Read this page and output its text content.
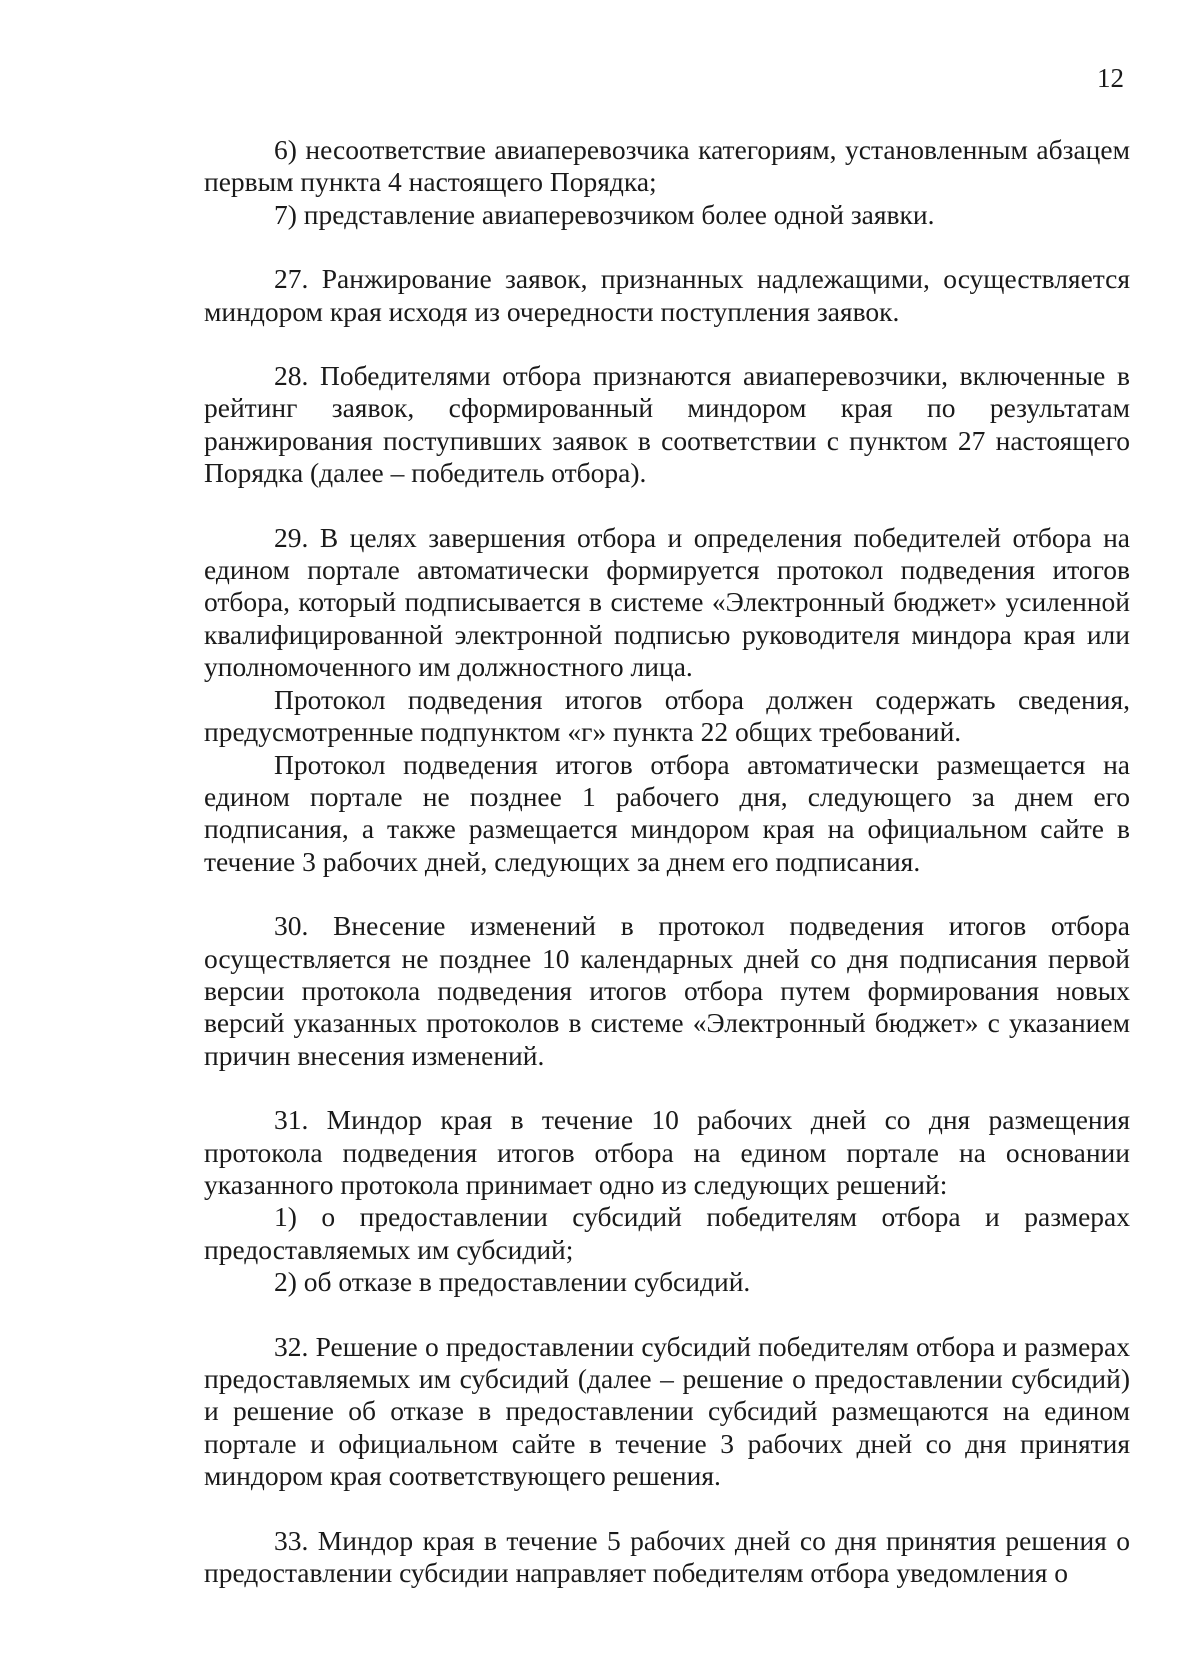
12

6) несоответствие авиаперевозчика категориям, установленным абзацем первым пункта 4 настоящего Порядка;

7) представление авиаперевозчиком более одной заявки.

27. Ранжирование заявок, признанных надлежащими, осуществляется миндором края исходя из очередности поступления заявок.

28. Победителями отбора признаются авиаперевозчики, включенные в рейтинг заявок, сформированный миндором края по результатам ранжирования поступивших заявок в соответствии с пунктом 27 настоящего Порядка (далее – победитель отбора).

29. В целях завершения отбора и определения победителей отбора на едином портале автоматически формируется протокол подведения итогов отбора, который подписывается в системе «Электронный бюджет» усиленной квалифицированной электронной подписью руководителя миндора края или уполномоченного им должностного лица.

Протокол подведения итогов отбора должен содержать сведения, предусмотренные подпунктом «г» пункта 22 общих требований.

Протокол подведения итогов отбора автоматически размещается на едином портале не позднее 1 рабочего дня, следующего за днем его подписания, а также размещается миндором края на официальном сайте в течение 3 рабочих дней, следующих за днем его подписания.

30. Внесение изменений в протокол подведения итогов отбора осуществляется не позднее 10 календарных дней со дня подписания первой версии протокола подведения итогов отбора путем формирования новых версий указанных протоколов в системе «Электронный бюджет» с указанием причин внесения изменений.

31. Миндор края в течение 10 рабочих дней со дня размещения протокола подведения итогов отбора на едином портале на основании указанного протокола принимает одно из следующих решений:

1) о предоставлении субсидий победителям отбора и размерах предоставляемых им субсидий;

2) об отказе в предоставлении субсидий.

32. Решение о предоставлении субсидий победителям отбора и размерах предоставляемых им субсидий (далее – решение о предоставлении субсидий) и решение об отказе в предоставлении субсидий размещаются на едином портале и официальном сайте в течение 3 рабочих дней со дня принятия миндором края соответствующего решения.

33. Миндор края в течение 5 рабочих дней со дня принятия решения о предоставлении субсидии направляет победителям отбора уведомления о
